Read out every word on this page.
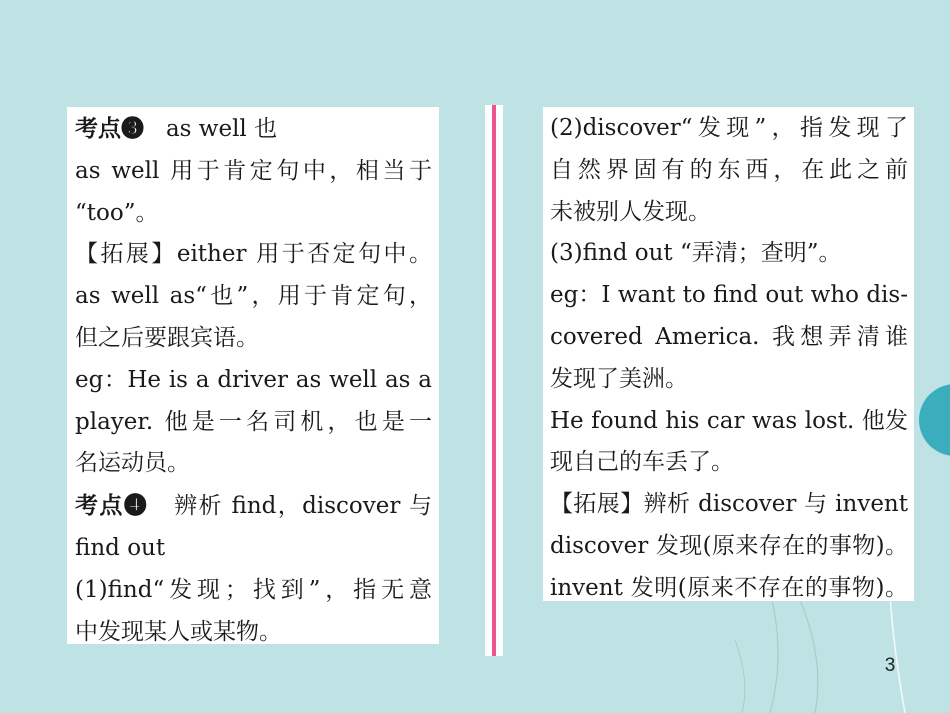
考点❸ as well 也
as well 用于肯定句中，相当于
“too”。
【拓展】either 用于否定句中。
as well as“也”，用于肯定句，
但之后要跟宾语。
eg：He is a driver as well as a
player. 他是一名司机，也是一
名运动员。
考点❹ 辨析 find，discover 与
find out
(1)find“发现；找到”，指无意
中发现某人或某物。
(2)discover“发现”，指发现了
自然界固有的东西，在此之前
未被别人发现。
(3)find out “弄清；查明”。
eg：I want to find out who dis-
covered America. 我想弄清谁
发现了美洲。
He found his car was lost. 他发
现自己的车丢了。
【拓展】辨析 discover 与 invent
discover 发现(原来存在的事物)。
invent 发明(原来不存在的事物)。
3
